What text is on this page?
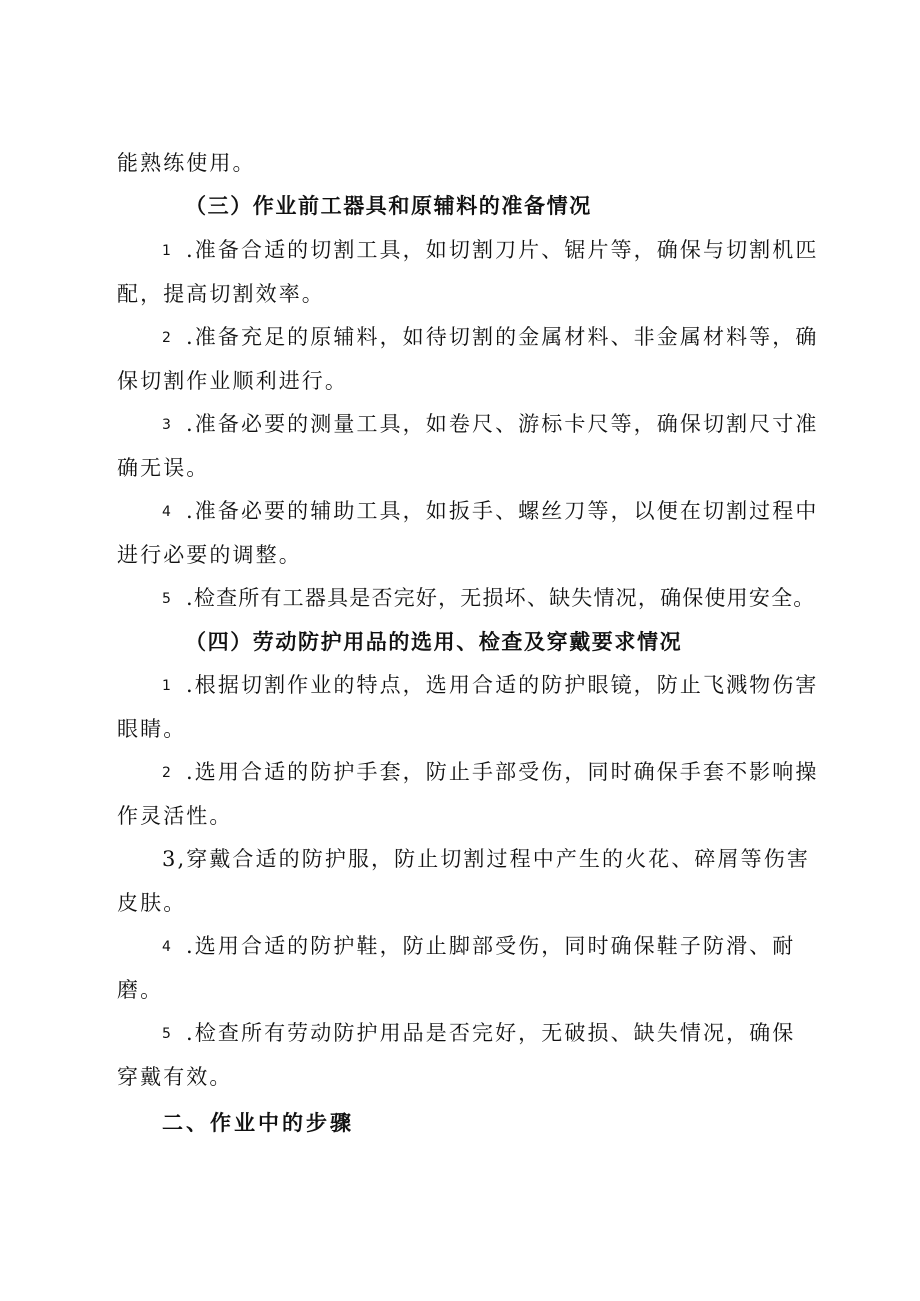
能熟练使用。
（三）作业前工器具和原辅料的准备情况
1 .准备合适的切割工具，如切割刀片、锯片等，确保与切割机匹
配，提高切割效率。
2 .准备充足的原辅料，如待切割的金属材料、非金属材料等，确
保切割作业顺利进行。
3 .准备必要的测量工具，如卷尺、游标卡尺等，确保切割尺寸准
确无误。
4 .准备必要的辅助工具，如扳手、螺丝刀等，以便在切割过程中
进行必要的调整。
5 .检查所有工器具是否完好，无损坏、缺失情况，确保使用安全。
（四）劳动防护用品的选用、检查及穿戴要求情况
1 .根据切割作业的特点，选用合适的防护眼镜，防止飞溅物伤害
眼睛。
2 .选用合适的防护手套，防止手部受伤，同时确保手套不影响操
作灵活性。
3,穿戴合适的防护服，防止切割过程中产生的火花、碎屑等伤害
皮肤。
4 .选用合适的防护鞋，防止脚部受伤，同时确保鞋子防滑、耐
磨。
5 .检查所有劳动防护用品是否完好，无破损、缺失情况，确保
穿戴有效。
二、作业中的步骤
